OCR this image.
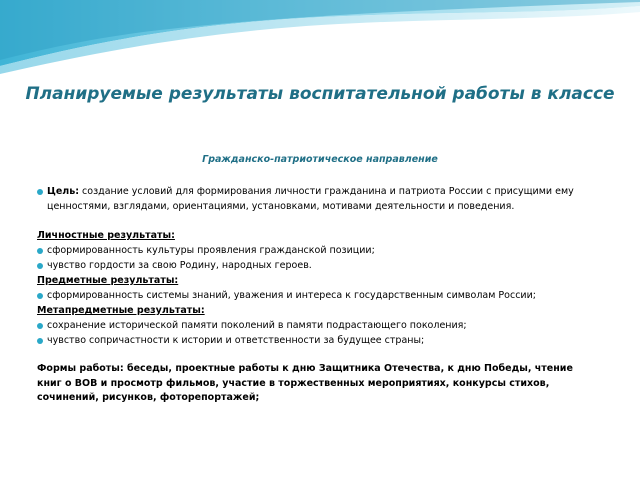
Планируемые результаты воспитательной работы в классе
Гражданско-патриотическое направление
Цель: создание условий для формирования личности гражданина и патриота России с присущими ему ценностями, взглядами, ориентациями, установками, мотивами деятельности и поведения.
Личностные результаты:
сформированность культуры проявления гражданской позиции;
чувство гордости за свою Родину, народных героев.
Предметные результаты:
сформированность системы знаний, уважения и интереса к государственным символам России;
Метапредметные результаты:
сохранение исторической памяти поколений в памяти подрастающего поколения;
чувство сопричастности к истории и ответственности за будущее страны;
Формы работы: беседы, проектные работы к дню Защитника Отечества, к дню Победы, чтение книг о ВОВ и просмотр фильмов, участие в торжественных мероприятиях, конкурсы стихов, сочинений, рисунков, фоторепортажей;
